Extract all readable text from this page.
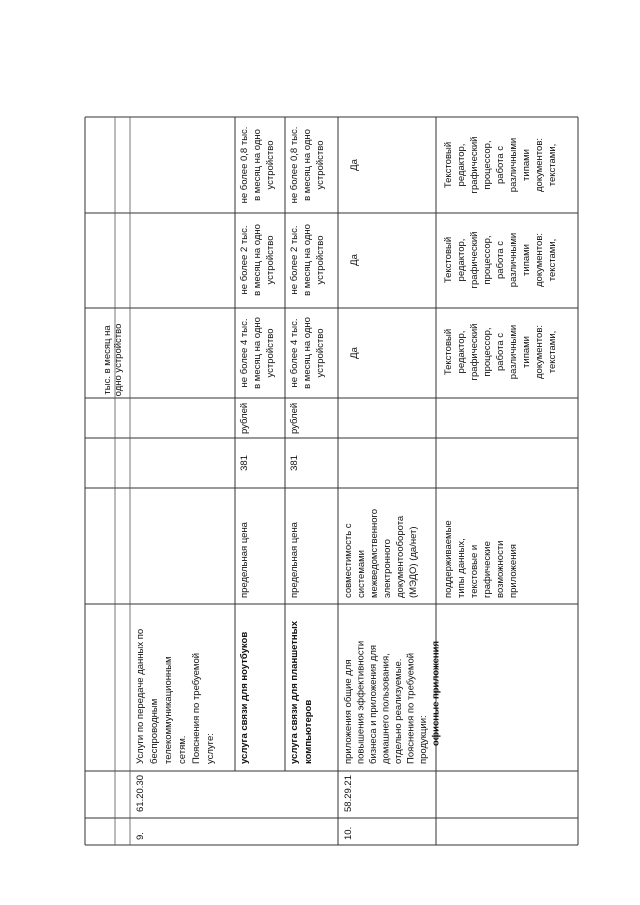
тыс. в месяц на одно устройство
9.
61.20.30
Услуги по передаче данных по беспроводным телекоммуникационным сетям. Пояснения по требуемой услуге: услуга связи для ноутбуков
предельная цена
381
рублей
не более 4 тыс. в месяц на одно устройство
не более 2 тыс. в месяц на одно устройство
не более 0,8 тыс. в месяц на одно устройство
услуга связи для планшетных компьютеров
предельная цена
381
рублей
не более 4 тыс. в месяц на одно устройство
не более 2 тыс. в месяц на одно устройство
не более 0,8 тыс. в месяц на одно устройство
10.
58.29.21
приложения общие для повышения эффективности бизнеса и приложения для домашнего пользования, отдельно реализуемые. Пояснения по требуемой продукции: офисные приложения
совместимость с системами межведомственного электронного документооборота (МЭДО) (да/нет)
Да
Да
Да
поддерживаемые типы данных, текстовые и графические возможности приложения
Текстовый редактор, графический процессор, работа с различными типами документов: текстами,
Текстовый редактор, графический процессор, работа с различными типами документов: текстами,
Текстовый редактор, графический процессор, работа с различными типами документов: текстами,
